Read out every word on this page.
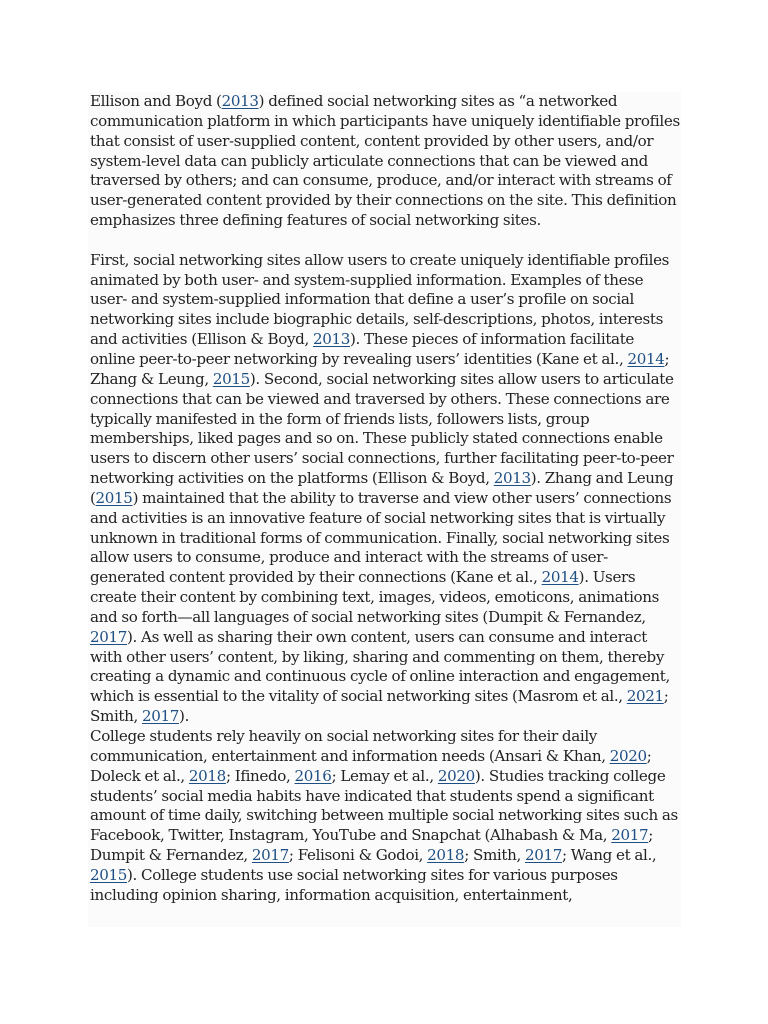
Ellison and Boyd (2013) defined social networking sites as “a networked communication platform in which participants have uniquely identifiable profiles that consist of user-supplied content, content provided by other users, and/or system-level data can publicly articulate connections that can be viewed and traversed by others; and can consume, produce, and/or interact with streams of user-generated content provided by their connections on the site. This definition emphasizes three defining features of social networking sites.

First, social networking sites allow users to create uniquely identifiable profiles animated by both user- and system-supplied information. Examples of these user- and system-supplied information that define a user’s profile on social networking sites include biographic details, self-descriptions, photos, interests and activities (Ellison & Boyd, 2013). These pieces of information facilitate online peer-to-peer networking by revealing users’ identities (Kane et al., 2014; Zhang & Leung, 2015). Second, social networking sites allow users to articulate connections that can be viewed and traversed by others. These connections are typically manifested in the form of friends lists, followers lists, group memberships, liked pages and so on. These publicly stated connections enable users to discern other users’ social connections, further facilitating peer-to-peer networking activities on the platforms (Ellison & Boyd, 2013). Zhang and Leung (2015) maintained that the ability to traverse and view other users’ connections and activities is an innovative feature of social networking sites that is virtually unknown in traditional forms of communication. Finally, social networking sites allow users to consume, produce and interact with the streams of user-generated content provided by their connections (Kane et al., 2014). Users create their content by combining text, images, videos, emoticons, animations and so forth—all languages of social networking sites (Dumpit & Fernandez, 2017). As well as sharing their own content, users can consume and interact with other users’ content, by liking, sharing and commenting on them, thereby creating a dynamic and continuous cycle of online interaction and engagement, which is essential to the vitality of social networking sites (Masrom et al., 2021; Smith, 2017).

College students rely heavily on social networking sites for their daily communication, entertainment and information needs (Ansari & Khan, 2020; Doleck et al., 2018; Ifinedo, 2016; Lemay et al., 2020). Studies tracking college students’ social media habits have indicated that students spend a significant amount of time daily, switching between multiple social networking sites such as Facebook, Twitter, Instagram, YouTube and Snapchat (Alhabash & Ma, 2017; Dumpit & Fernandez, 2017; Felisoni & Godoi, 2018; Smith, 2017; Wang et al., 2015). College students use social networking sites for various purposes including opinion sharing, information acquisition, entertainment,
